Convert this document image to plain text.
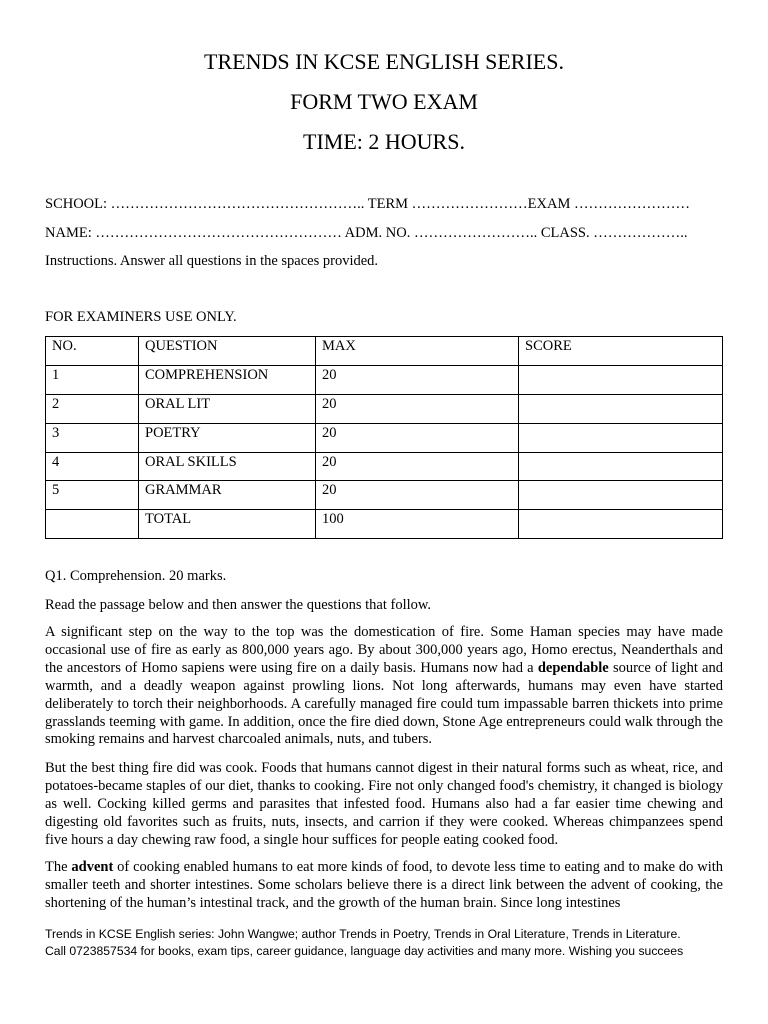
TRENDS IN KCSE ENGLISH SERIES.
FORM TWO EXAM
TIME: 2 HOURS.
SCHOOL: …………………………………………….. TERM ……………………EXAM ……………………
NAME: …………………………………………… ADM. NO. …………………….. CLASS. ………………..
Instructions. Answer all questions in the spaces provided.
FOR EXAMINERS USE ONLY.
NO.	QUESTION	MAX	SCORE
1	COMPREHENSION	20	
2	ORAL LIT	20	
3	POETRY	20	
4	ORAL SKILLS	20	
5	GRAMMAR	20	
	TOTAL	100	
Q1. Comprehension. 20 marks.
Read the passage below and then answer the questions that follow.

A significant step on the way to the top was the domestication of fire. Some Haman species may have made occasional use of fire as early as 800,000 years ago. By about 300,000 years ago, Homo erectus, Neanderthals and the ancestors of Homo sapiens were using fire on a daily basis. Humans now had a dependable source of light and warmth, and a deadly weapon against prowling lions. Not long afterwards, humans may even have started deliberately to torch their neighborhoods. A carefully managed fire could tum impassable barren thickets into prime grasslands teeming with game. In addition, once the fire died down, Stone Age entrepreneurs could walk through the smoking remains and harvest charcoaled animals, nuts, and tubers.

But the best thing fire did was cook. Foods that humans cannot digest in their natural forms such as wheat, rice, and potatoes-became staples of our diet, thanks to cooking. Fire not only changed food's chemistry, it changed is biology as well. Cocking killed germs and parasites that infested food. Humans also had a far easier time chewing and digesting old favorites such as fruits, nuts, insects, and carrion if they were cooked. Whereas chimpanzees spend five hours a day chewing raw food, a single hour suffices for people eating cooked food.

The advent of cooking enabled humans to eat more kinds of food, to devote less time to eating and to make do with smaller teeth and shorter intestines. Some scholars believe there is a direct link between the advent of cooking, the shortening of the human’s intestinal track, and the growth of the human brain. Since long intestines

Trends in KCSE English series: John Wangwe; author Trends in Poetry, Trends in Oral Literature, Trends in Literature.
Call 0723857534 for books, exam tips, career guidance, language day activities and many more. Wishing you succees
